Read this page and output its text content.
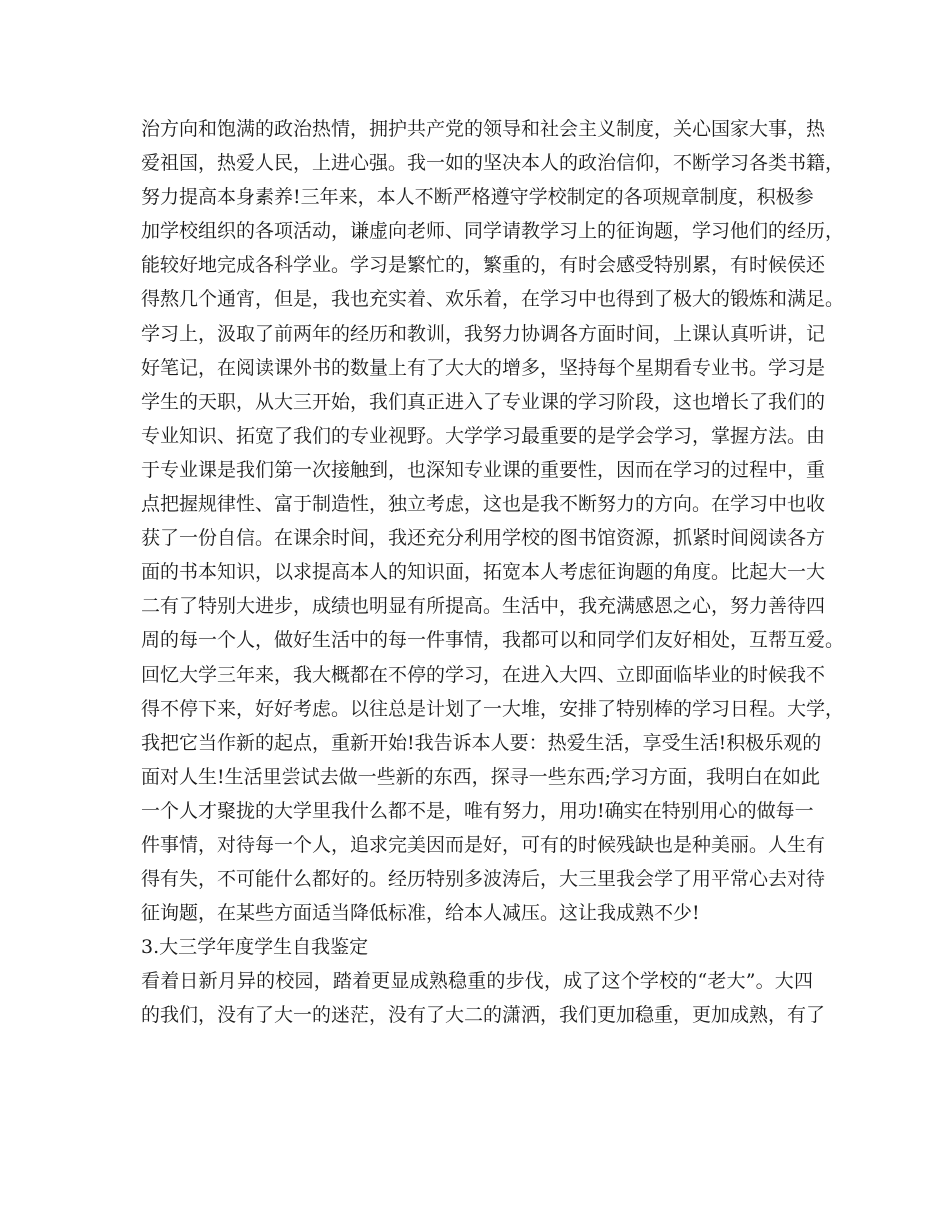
治方向和饱满的政治热情，拥护共产党的领导和社会主义制度，关心国家大事，热
爱祖国，热爱人民，上进心强。我一如的坚决本人的政治信仰，不断学习各类书籍，
努力提高本身素养!三年来，本人不断严格遵守学校制定的各项规章制度，积极参
加学校组织的各项活动，谦虚向老师、同学请教学习上的征询题，学习他们的经历，
能较好地完成各科学业。学习是繁忙的，繁重的，有时会感受特别累，有时候侯还
得熬几个通宵，但是，我也充实着、欢乐着，在学习中也得到了极大的锻炼和满足。
学习上，汲取了前两年的经历和教训，我努力协调各方面时间，上课认真听讲，记
好笔记，在阅读课外书的数量上有了大大的增多，坚持每个星期看专业书。学习是
学生的天职，从大三开始，我们真正进入了专业课的学习阶段，这也增长了我们的
专业知识、拓宽了我们的专业视野。大学学习最重要的是学会学习，掌握方法。由
于专业课是我们第一次接触到，也深知专业课的重要性，因而在学习的过程中，重
点把握规律性、富于制造性，独立考虑，这也是我不断努力的方向。在学习中也收
获了一份自信。在课余时间，我还充分利用学校的图书馆资源，抓紧时间阅读各方
面的书本知识，以求提高本人的知识面，拓宽本人考虑征询题的角度。比起大一大
二有了特别大进步，成绩也明显有所提高。生活中，我充满感恩之心，努力善待四
周的每一个人，做好生活中的每一件事情，我都可以和同学们友好相处，互帮互爱。
回忆大学三年来，我大概都在不停的学习，在进入大四、立即面临毕业的时候我不
得不停下来，好好考虑。以往总是计划了一大堆，安排了特别棒的学习日程。大学，
我把它当作新的起点，重新开始!我告诉本人要：热爱生活，享受生活!积极乐观的
面对人生!生活里尝试去做一些新的东西，探寻一些东西;学习方面，我明白在如此
一个人才聚拢的大学里我什么都不是，唯有努力，用功!确实在特别用心的做每一
件事情，对待每一个人，追求完美因而是好，可有的时候残缺也是种美丽。人生有
得有失，不可能什么都好的。经历特别多波涛后，大三里我会学了用平常心去对待
征询题，在某些方面适当降低标准，给本人减压。这让我成熟不少!
3.大三学年度学生自我鉴定
看着日新月异的校园，踏着更显成熟稳重的步伐，成了这个学校的“老大”。大四
的我们，没有了大一的迷茫，没有了大二的潇洒，我们更加稳重，更加成熟，有了
